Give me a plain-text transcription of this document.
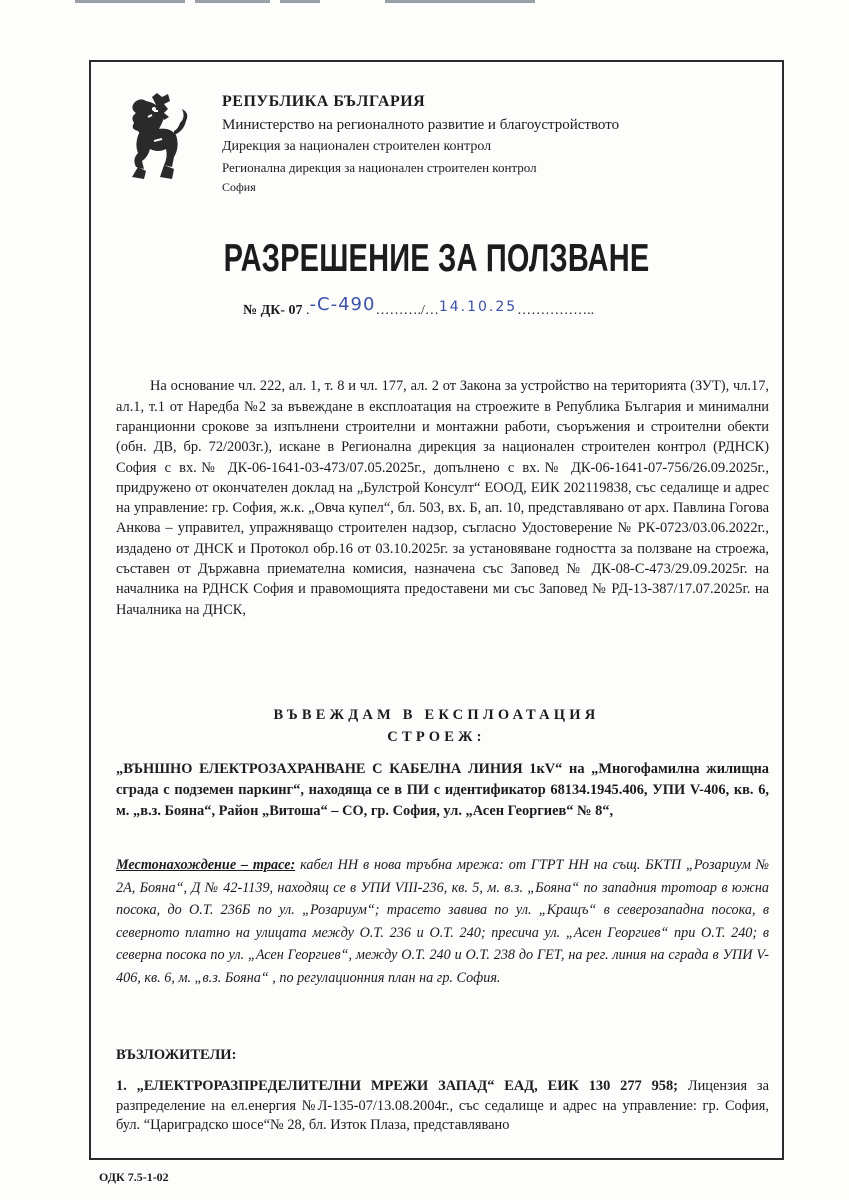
РЕПУБЛИКА БЪЛГАРИЯ
Министерство на регионалното развитие и благоустройството
Дирекция за национален строителен контрол
Регионална дирекция за национален строителен контрол
София
РАЗРЕШЕНИЕ ЗА ПОЛЗВАНЕ
№ ДК- 07 .-С-490………./…14.10.25……………..

На основание чл. 222, ал. 1, т. 8 и чл. 177, ал. 2 от Закона за устройство на територията (ЗУТ), чл.17, ал.1, т.1 от Наредба №2 за въвеждане в експлоатация на строежите в Република България и минимални гаранционни срокове за изпълнени строителни и монтажни работи, съоръжения и строителни обекти (обн. ДВ, бр. 72/2003г.), искане в Регионална дирекция за национален строителен контрол (РДНСК) София с вх.№ ДК-06-1641-03-473/07.05.2025г., допълнено с вх.№ ДК-06-1641-07-756/26.09.2025г., придружено от окончателен доклад на „Булстрой Консулт“ ЕООД, ЕИК 202119838, със седалище и адрес на управление: гр. София, ж.к. „Овча купел“, бл. 503, вх. Б, ап. 10, представлявано от арх. Павлина Гогова Анкова – управител, упражняващо строителен надзор, съгласно Удостоверение № РК-0723/03.06.2022г., издадено от ДНСК и Протокол обр.16 от 03.10.2025г. за установяване годността за ползване на строежа, съставен от Държавна приемателна комисия, назначена със Заповед № ДК-08-С-473/29.09.2025г. на началника на РДНСК София и правомощията предоставени ми със Заповед № РД-13-387/17.07.2025г. на Началника на ДНСК,

ВЪВЕЖДАМ В ЕКСПЛОАТАЦИЯ
СТРОЕЖ:
„ВЪНШНО ЕЛЕКТРОЗАХРАНВАНЕ С КАБЕЛНА ЛИНИЯ 1кV“ на „Многофамилна жилищна сграда с подземен паркинг“, находяща се в ПИ с идентификатор 68134.1945.406, УПИ V-406, кв. 6, м. „в.з. Бояна“, Район „Витоша“ – СО, гр. София, ул. „Асен Георгиев“ № 8“,
Местонахождение – трасе: кабел НН в нова тръбна мрежа: от ГТРТ НН на същ. БКТП „Розариум № 2А, Бояна“, Д № 42-1139, находящ се в УПИ VIII-236, кв. 5, м. в.з. „Бояна“ по западния тротоар в южна посока, до О.Т. 236Б по ул. „Розариум“; трасето завива по ул. „Кращъ“ в северозападна посока, в северното платно на улицата между О.Т. 236 и О.Т. 240; пресича ул. „Асен Георгиев“ при О.Т. 240; в северна посока по ул. „Асен Георгиев“, между О.Т. 240 и О.Т. 238 до ГЕТ, на рег. линия на сграда в УПИ V-406, кв. 6, м. „в.з. Бояна“ , по регулационния план на гр. София.
ВЪЗЛОЖИТЕЛИ:
1. „ЕЛЕКТРОРАЗПРЕДЕЛИТЕЛНИ МРЕЖИ ЗАПАД“ ЕАД, ЕИК 130 277 958; Лицензия за разпределение на ел.енергия №Л-135-07/13.08.2004г., със седалище и адрес на управление: гр. София, бул. “Цариградско шосе“№ 28, бл. Изток Плаза, представлявано
ОДК 7.5-1-02
